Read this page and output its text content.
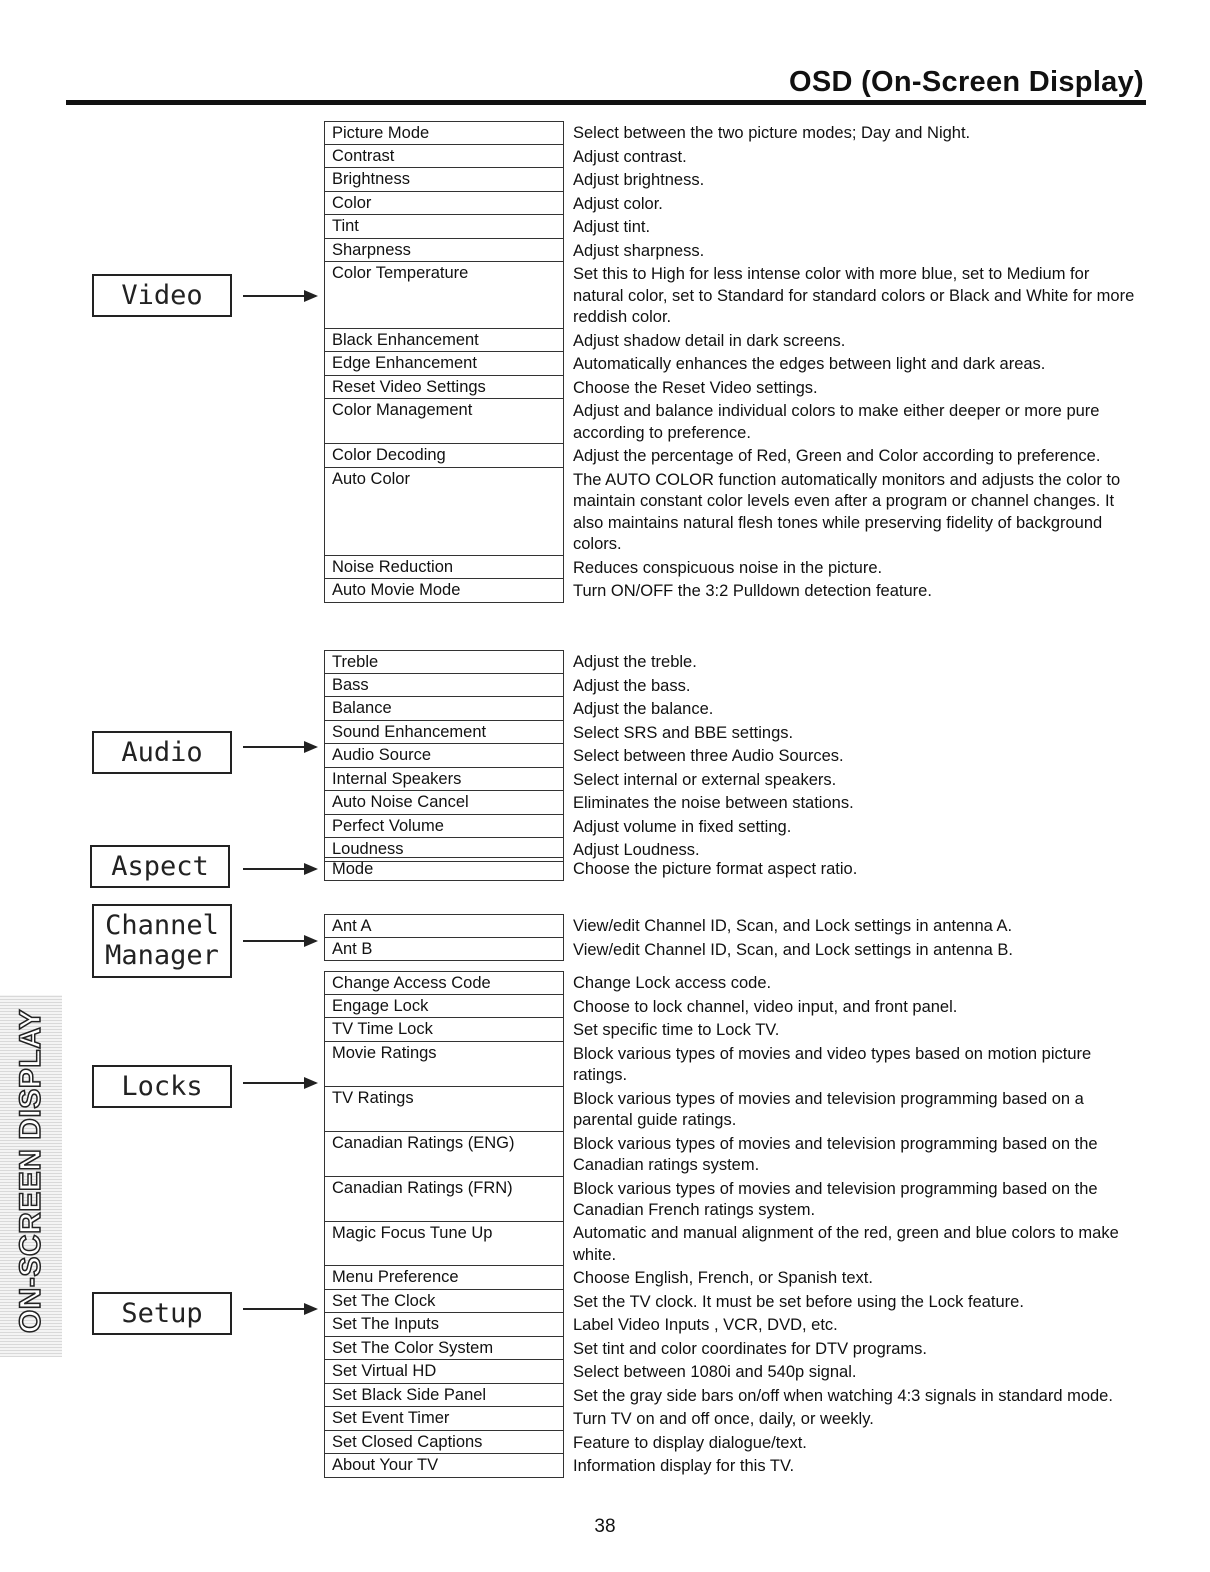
OSD (On-Screen Display)
ON-SCREEN DISPLAY
Video
Audio
Aspect
Channel Manager
Locks
Setup
Picture Mode	Select between the two picture modes; Day and Night.
Contrast	Adjust contrast.
Brightness	Adjust brightness.
Color	Adjust color.
Tint	Adjust tint.
Sharpness	Adjust sharpness.
Color Temperature	Set this to High for less intense color with more blue, set to Medium for natural color, set to Standard for standard colors or Black and White for more reddish color.
Black Enhancement	Adjust shadow detail in dark screens.
Edge Enhancement	Automatically enhances the edges between light and dark areas.
Reset Video Settings	Choose the Reset Video settings.
Color Management	Adjust and balance individual colors to make either deeper or more pure according to preference.
Color Decoding	Adjust the percentage of Red, Green and Color according to preference.
Auto Color	The AUTO COLOR function automatically monitors and adjusts the color to maintain constant color levels even after a program or channel changes. It also maintains natural flesh tones while preserving fidelity of background colors.
Noise Reduction	Reduces conspicuous noise in the picture.
Auto Movie Mode	Turn ON/OFF the 3:2 Pulldown detection feature.
Treble	Adjust the treble.
Bass	Adjust the bass.
Balance	Adjust the balance.
Sound Enhancement	Select SRS and BBE settings.
Audio Source	Select between three Audio Sources.
Internal Speakers	Select internal or external speakers.
Auto Noise Cancel	Eliminates the noise between stations.
Perfect Volume	Adjust volume in fixed setting.
Loudness	Adjust Loudness.
Mode	Choose the picture format aspect ratio.
Ant A	View/edit Channel ID, Scan, and Lock settings in antenna A.
Ant B	View/edit Channel ID, Scan, and Lock settings in antenna B.
Change Access Code	Change Lock access code.
Engage Lock	Choose to lock channel, video input, and front panel.
TV Time Lock	Set specific time to Lock TV.
Movie Ratings	Block various types of movies and video types based on motion picture ratings.
TV Ratings	Block various types of movies and television programming based on a parental guide ratings.
Canadian Ratings (ENG)	Block various types of movies and television programming based on the Canadian ratings system.
Canadian Ratings (FRN)	Block various types of movies and television programming based on the Canadian French ratings system.
Magic Focus Tune Up	Automatic and manual alignment of the red, green and blue colors to make white.
Menu Preference	Choose English, French, or Spanish text.
Set The Clock	Set the TV clock. It must be set before using the Lock feature.
Set The Inputs	Label Video Inputs , VCR, DVD, etc.
Set The Color System	Set tint and color coordinates for DTV programs.
Set Virtual HD	Select between 1080i and 540p signal.
Set Black Side Panel	Set the gray side bars on/off when watching 4:3 signals in standard mode.
Set Event Timer	Turn TV on and off once, daily, or weekly.
Set Closed Captions	Feature to display dialogue/text.
About Your TV	Information display for this TV.
38
